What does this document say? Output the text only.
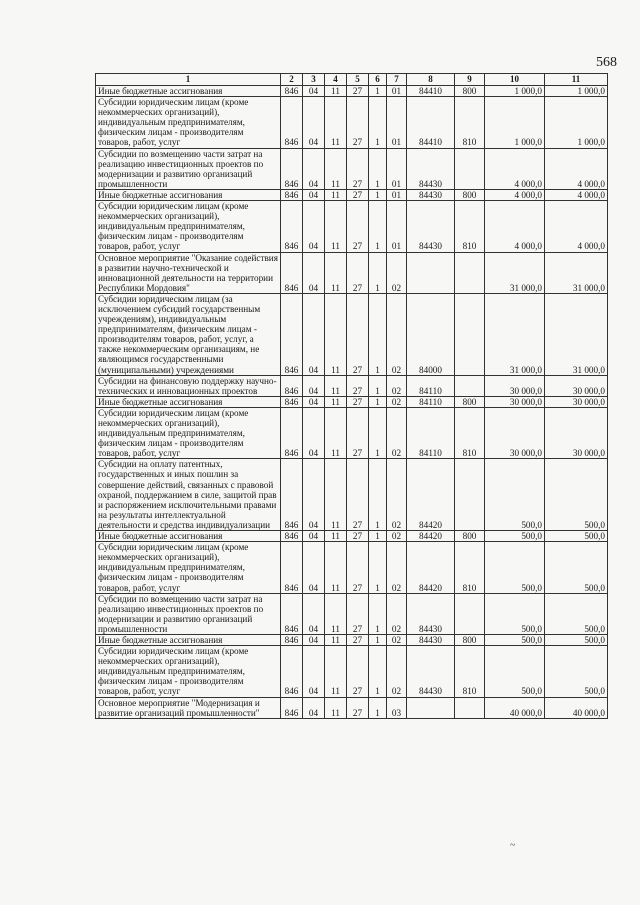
568
1	2	3	4	5	6	7	8	9	10	11

Иные бюджетные ассигнования	846	04	11	27	1	01	84410	800	1 000,0	1 000,0

Субсидии юридическим лицам (кроме некоммерческих организаций), индивидуальным предпринимателям, физическим лицам - производителям товаров, работ, услуг	846	04	11	27	1	01	84410	810	1 000,0	1 000,0

Субсидии по возмещению части затрат на реализацию инвестиционных проектов по модернизации и развитию организаций промышленности	846	04	11	27	1	01	84430		4 000,0	4 000,0

Иные бюджетные ассигнования	846	04	11	27	1	01	84430	800	4 000,0	4 000,0

Субсидии юридическим лицам (кроме некоммерческих организаций), индивидуальным предпринимателям, физическим лицам - производителям товаров, работ, услуг	846	04	11	27	1	01	84430	810	4 000,0	4 000,0

Основное мероприятие "Оказание содействия в развитии научно-технической и инновационной деятельности на территории Республики Мордовия"	846	04	11	27	1	02			31 000,0	31 000,0

Субсидии юридическим лицам (за исключением субсидий государственным учреждениям), индивидуальным предпринимателям, физическим лицам - производителям товаров, работ, услуг, а также некоммерческим организациям, не являющимся государственными (муниципальными) учреждениями	846	04	11	27	1	02	84000		31 000,0	31 000,0

Субсидии на финансовую поддержку научно-технических и инновационных проектов	846	04	11	27	1	02	84110		30 000,0	30 000,0

Иные бюджетные ассигнования	846	04	11	27	1	02	84110	800	30 000,0	30 000,0

Субсидии юридическим лицам (кроме некоммерческих организаций), индивидуальным предпринимателям, физическим лицам - производителям товаров, работ, услуг	846	04	11	27	1	02	84110	810	30 000,0	30 000,0

Субсидии на оплату патентных, государственных и иных пошлин за совершение действий, связанных с правовой охраной, поддержанием в силе, защитой прав и распоряжением исключительными правами на результаты интеллектуальной деятельности и средства индивидуализации	846	04	11	27	1	02	84420		500,0	500,0

Иные бюджетные ассигнования	846	04	11	27	1	02	84420	800	500,0	500,0

Субсидии юридическим лицам (кроме некоммерческих организаций), индивидуальным предпринимателям, физическим лицам - производителям товаров, работ, услуг	846	04	11	27	1	02	84420	810	500,0	500,0

Субсидии по возмещению части затрат на реализацию инвестиционных проектов по модернизации и развитию организаций промышленности	846	04	11	27	1	02	84430		500,0	500,0

Иные бюджетные ассигнования	846	04	11	27	1	02	84430	800	500,0	500,0

Субсидии юридическим лицам (кроме некоммерческих организаций), индивидуальным предпринимателям, физическим лицам - производителям товаров, работ, услуг	846	04	11	27	1	02	84430	810	500,0	500,0

Основное мероприятие "Модернизация и развитие организаций промышленности"	846	04	11	27	1	03			40 000,0	40 000,0
~
